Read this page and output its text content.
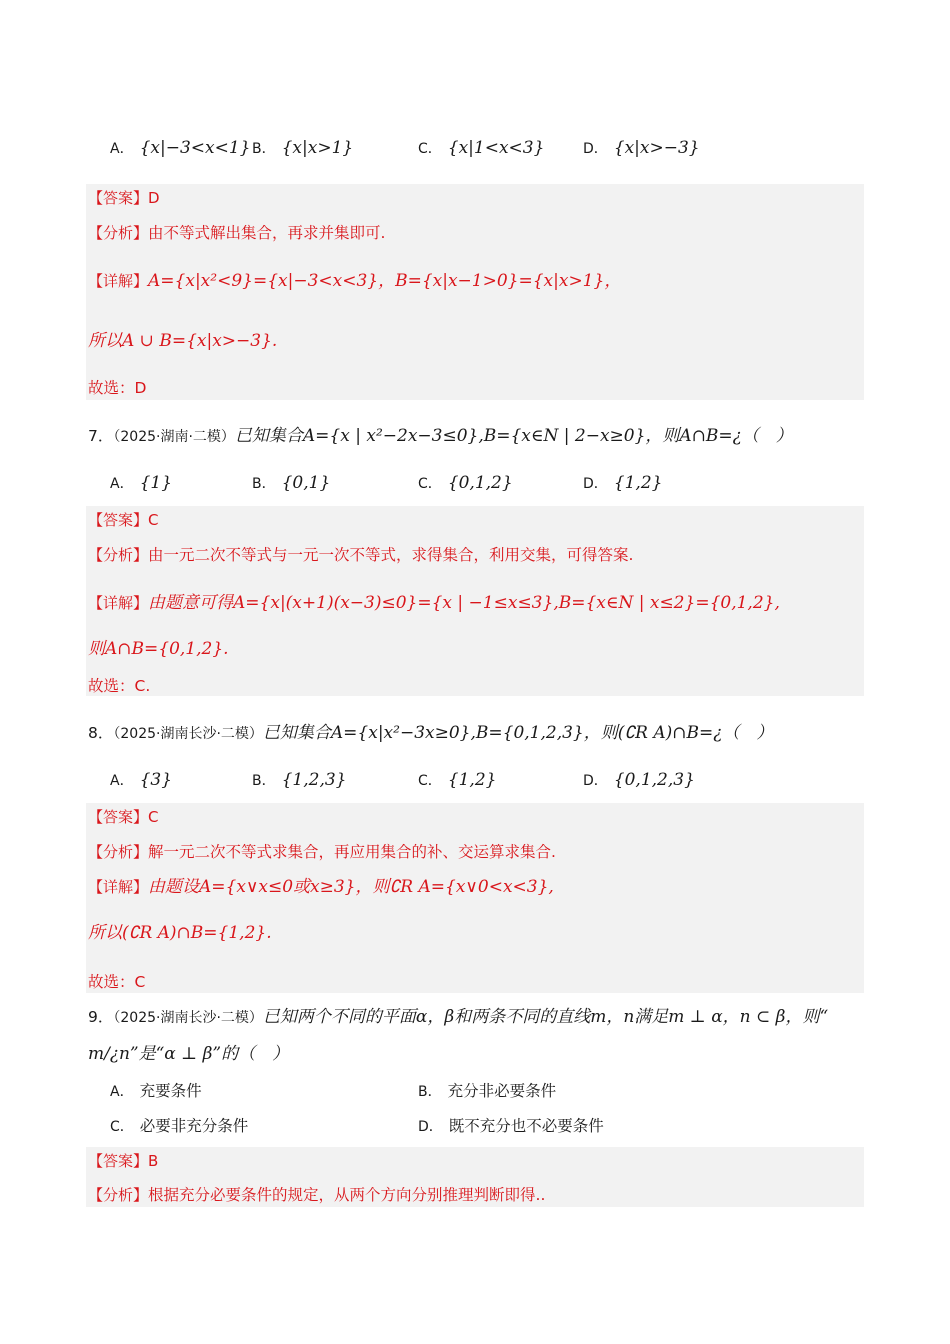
A． {x|−3<x<1} B． {x|x>1}	C． {x|1<x<3}	D． {x|x>−3}
【答案】D
【分析】由不等式解出集合，再求并集即可.
【详解】A={x|x²<9}={x|−3<x<3}，B={x|x−1>0}={x|x>1}，
所以A ∪ B={x|x>−3}.
故选：D
7．（2025·湖南·二模）已知集合A={x | x²−2x−3≤0},B={x∈N | 2−x≥0}，则A∩B=¿（　）
A． {1}	B． {0,1}	C． {0,1,2}	D． {1,2}
【答案】C
【分析】由一元二次不等式与一元一次不等式，求得集合，利用交集，可得答案.
【详解】由题意可得A={x|(x+1)(x−3)≤0}={x | −1≤x≤3},B={x∈N | x≤2}={0,1,2},
则A∩B={0,1,2}.
故选：C.
8．（2025·湖南长沙·二模）已知集合A={x|x²−3x≥0},B={0,1,2,3}，则(∁R A)∩B=¿（　）
A． {3}	B． {1,2,3}	C． {1,2}	D． {0,1,2,3}
【答案】C
【分析】解一元二次不等式求集合，再应用集合的补、交运算求集合.
【详解】由题设A={x∨x≤0或x≥3}，则∁R A={x∨0<x<3},
所以(∁R A)∩B={1,2}.
故选：C
9．（2025·湖南长沙·二模）已知两个不同的平面α，β和两条不同的直线m，n满足m ⊥ α，n ⊂ β，则“
m/¿n”是“α ⊥ β”的（　）
A． 充要条件	B． 充分非必要条件
C． 必要非充分条件	D． 既不充分也不必要条件
【答案】B
【分析】根据充分必要条件的规定，从两个方向分别推理判断即得..
